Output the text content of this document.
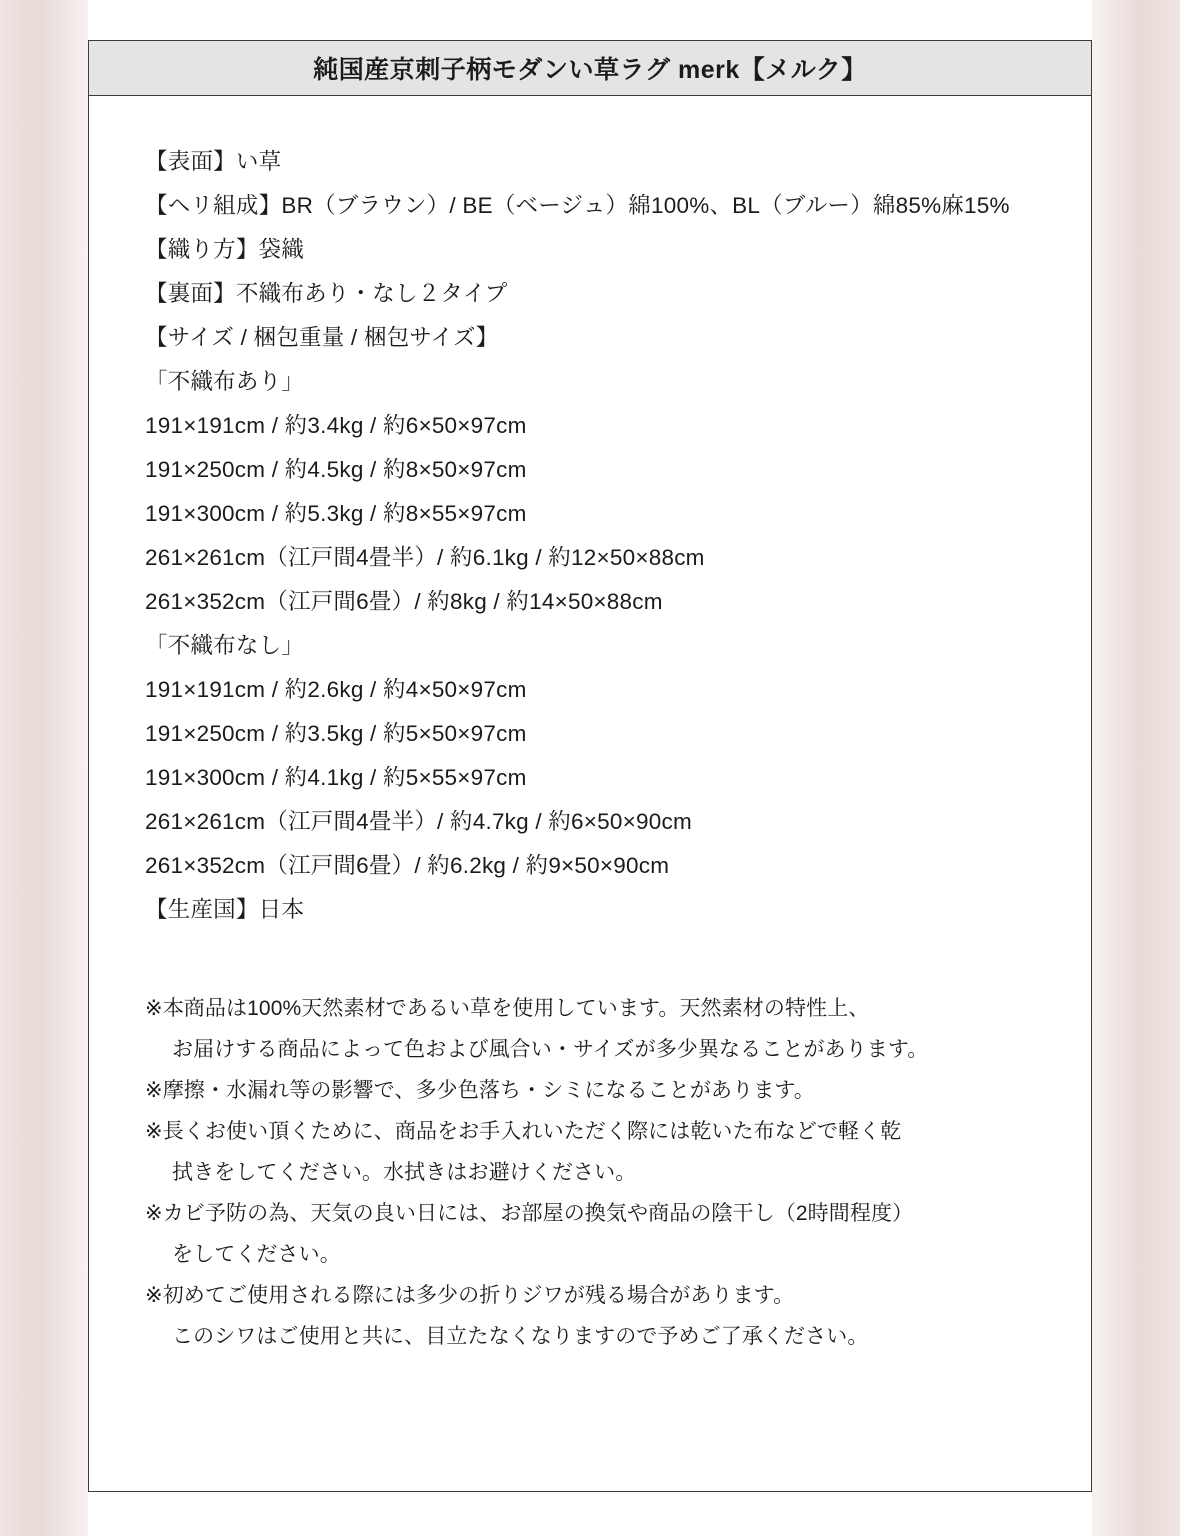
純国産京刺子柄モダンい草ラグ merk【メルク】
【表面】い草
【ヘリ組成】BR（ブラウン）/ BE（ベージュ）綿100%、BL（ブルー）綿85%麻15%
【織り方】袋織
【裏面】不織布あり・なし２タイプ
【サイズ / 梱包重量 / 梱包サイズ】
「不織布あり」
191×191cm / 約3.4kg / 約6×50×97cm
191×250cm / 約4.5kg / 約8×50×97cm
191×300cm / 約5.3kg / 約8×55×97cm
261×261cm（江戸間4畳半）/ 約6.1kg / 約12×50×88cm
261×352cm（江戸間6畳）/ 約8kg / 約14×50×88cm
「不織布なし」
191×191cm / 約2.6kg / 約4×50×97cm
191×250cm / 約3.5kg / 約5×50×97cm
191×300cm / 約4.1kg / 約5×55×97cm
261×261cm（江戸間4畳半）/ 約4.7kg / 約6×50×90cm
261×352cm（江戸間6畳）/ 約6.2kg / 約9×50×90cm
【生産国】日本
※本商品は100%天然素材であるい草を使用しています。天然素材の特性上、
お届けする商品によって色および風合い・サイズが多少異なることがあります。
※摩擦・水漏れ等の影響で、多少色落ち・シミになることがあります。
※長くお使い頂くために、商品をお手入れいただく際には乾いた布などで軽く乾
拭きをしてください。水拭きはお避けください。
※カビ予防の為、天気の良い日には、お部屋の換気や商品の陰干し（2時間程度）
をしてください。
※初めてご使用される際には多少の折りジワが残る場合があります。
このシワはご使用と共に、目立たなくなりますので予めご了承ください。
